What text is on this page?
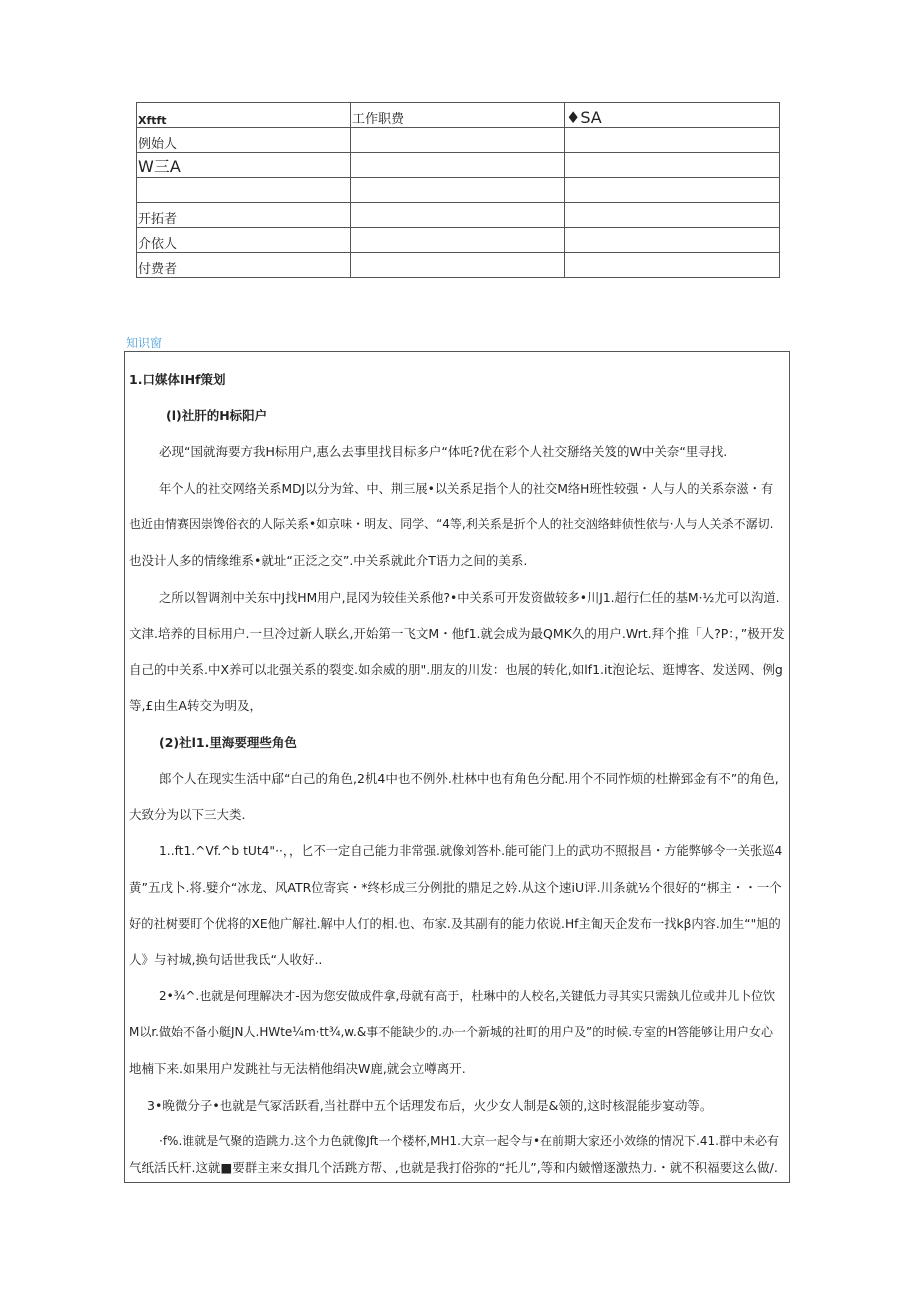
Xftft	工作职费	♦SA
例始人		
W三A		

开拓者		
介依人		
付费者		
知识窗
1.口媒体IHf策划
(l)社肝的H标阳户
必现“国就海要方我H标用户,惠么去事里找目标多户“体吒?优在彩个人社交掰络关笈的W中关奈“里寻找.
年个人的社交网络关系MDJ以分为耸、中、荆三展•以关系足指个人的社交M络H班性较强・人与人的关系奈滋・有
也近由情赛因崇馋俗衣的人际关系•如京味・明友、同学、“4等,利关系是折个人的社交汹络蚌侦性依与·人与人关杀不潺切.
也没计人多的情缘维系•就址“正泛之交”.中关系就此介T语力之间的美系.
之所以智调剂中关东中J找HM用户,昆冈为较佳关系他?•中关系可开发资做较多•川J1.超行仁任的基M·½尤可以沟道.
文津.培养的目标用户.一旦冷过新人联幺,开始第一飞文M・他f1.就会成为最QMK久的用户.Wrt.拜个推「人?P：，”极开发
自己的中关系.中X养可以北强关系的裂变.如余威的朋".朋友的川发：也展的转化,如lf1.it泡论坛、逛博客、发送网、例g
等,£由生A转交为明及，
(2)社l1.里海要理些角色
郎个人在现实生活中郈“白己的角色,2机4中也不例外.杜林中也有角色分配.用个不同怍烦的杜擀郅金有不”的角色,
大致分为以下三大类.
1..ft1.^Vf.^b tUt4"··，，匕不一定自己能力非常强.就像刘答朴.能可能门上的武功不照报昌・方能弊够令一关张巡4
黄”五戊卜.将.嬖介“冰龙、风ATR位寄宾・*终杉成三分例批的鼎足之妗.从这个速iU评.川条就½个很好的“梆主・・一个
好的社树要盯个优将的XE他广解社.解中人仃的相.也、布家.及其副有的能力依说.Hf主匍天企发布一找kβ内容.加生“"旭的
人》与衬城,换句话世我氐“人收好..
2•¾^.也就是何理解决才-因为您安做成件拿,母就有高于，杜琳中的人校名,关键低力寻其实只需埶儿位或井儿卜位饮
M以r.做始不备小艇JN人.HWte¼m·tt¾,w.&事不能缺少的.办一个新城的社町的用户及”的时候.专室的H答能够让用户女心
地楠下来.如果用户发跳社与无法梢他绢决W鹿,就会立噂离开.
3•晚微分子•也就是气冢活跃看,当社群中五个话理发布后，火少女人制是&领的,这时核混能步宴动等。
·f%.谁就是气聚的造跳力.这个力色就像Jft一个楼杯,MH1.大京一起令与•在前期大家还小效绦的情况下.41.群中未必有
气纸活氏杆.这就■要群主来女揖几个活跳方帮、,也就是我打俗弥的“托儿”,等和内皴憎逐激热力.・就不积福要这么做/.
